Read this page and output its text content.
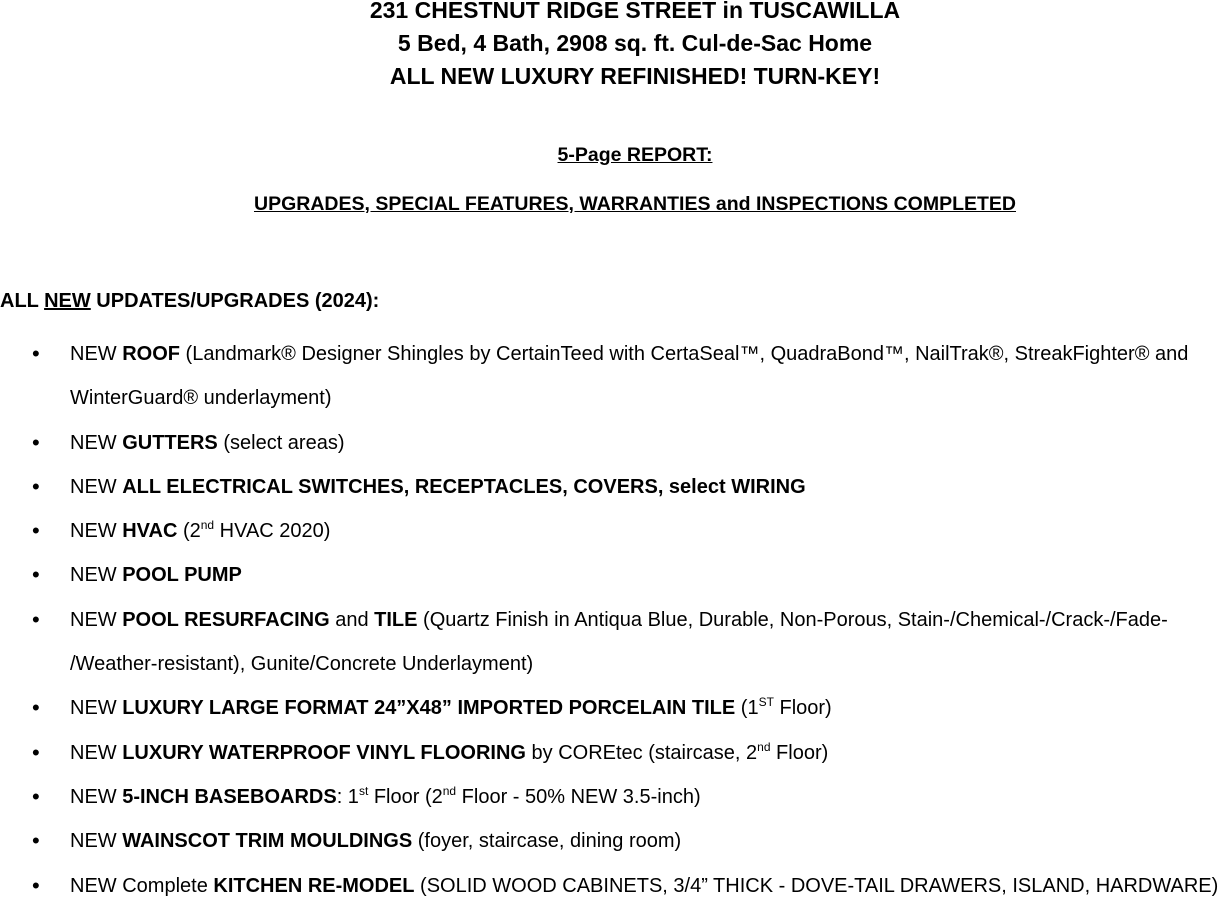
231 CHESTNUT RIDGE STREET in TUSCAWILLA
5 Bed, 4 Bath, 2908 sq. ft. Cul-de-Sac Home
ALL NEW LUXURY REFINISHED! TURN-KEY!
5-Page REPORT:
UPGRADES, SPECIAL FEATURES, WARRANTIES and INSPECTIONS COMPLETED
ALL NEW UPDATES/UPGRADES (2024):
• NEW ROOF (Landmark® Designer Shingles by CertainTeed with CertaSeal™, QuadraBond™, NailTrak®, StreakFighter® and
WinterGuard® underlayment)
• NEW GUTTERS (select areas)
• NEW ALL ELECTRICAL SWITCHES, RECEPTACLES, COVERS, select WIRING
• NEW HVAC (2nd HVAC 2020)
• NEW POOL PUMP
• NEW POOL RESURFACING and TILE (Quartz Finish in Antiqua Blue, Durable, Non-Porous, Stain-/Chemical-/Crack-/Fade-
/Weather-resistant), Gunite/Concrete Underlayment)
• NEW LUXURY LARGE FORMAT 24”X48” IMPORTED PORCELAIN TILE (1ST Floor)
• NEW LUXURY WATERPROOF VINYL FLOORING by COREtec (staircase, 2nd Floor)
• NEW 5-INCH BASEBOARDS: 1st Floor (2nd Floor - 50% NEW 3.5-inch)
• NEW WAINSCOT TRIM MOULDINGS (foyer, staircase, dining room)
• NEW Complete KITCHEN RE-MODEL (SOLID WOOD CABINETS, 3/4” THICK - DOVE-TAIL DRAWERS, ISLAND, HARDWARE)
